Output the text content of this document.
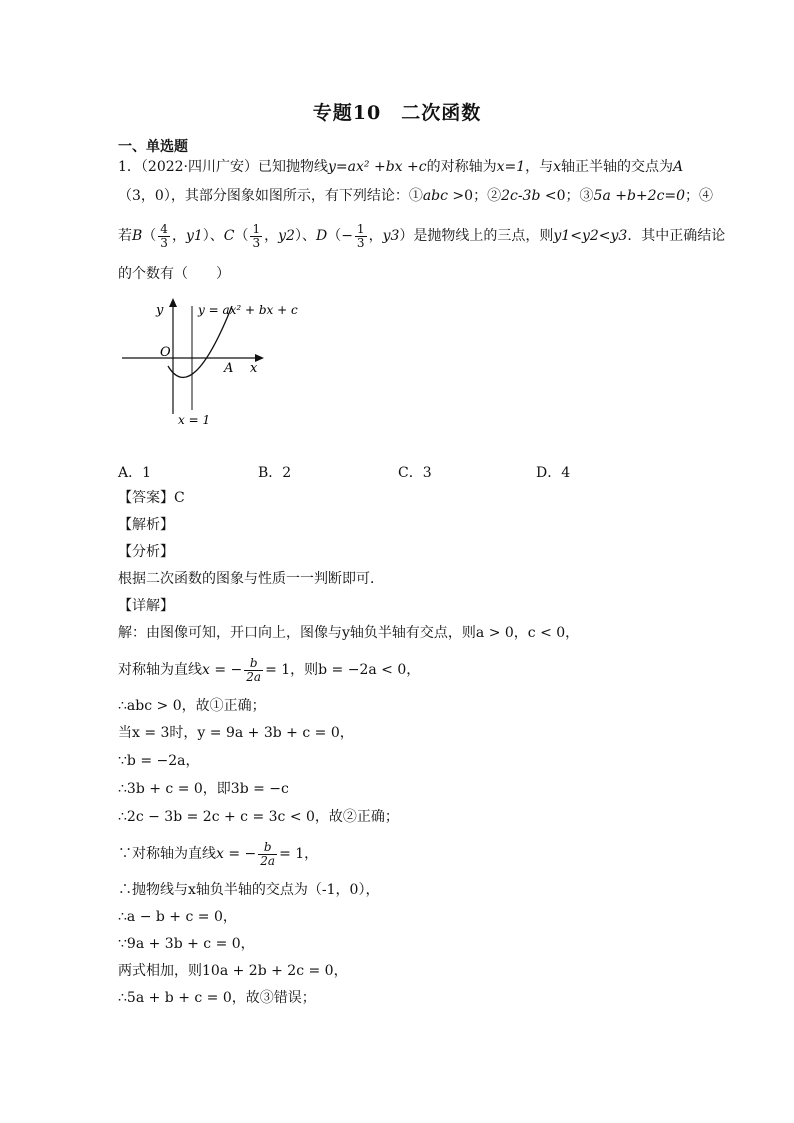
专题10　二次函数
一、单选题
1．（2022·四川广安）已知抛物线y=ax² +bx +c的对称轴为x=1，与x轴正半轴的交点为A
（3，0），其部分图象如图所示，有下列结论：①abc >0；②2c-3b <0；③5a +b+2c=0；④
若$B( \frac{4}{3}$ ，y1）、$C( \frac{1}{3}$ ，y2）、$D(- \frac{1}{3}$ ，y3）是抛物线上的三点，则y1<y2<y3．其中正确结论
的个数有（　　）
y
O
A x
y = ax² + bx + c
x = 1
A．1	B．2	C．3	D．4
【答案】C
【解析】
【分析】
根据二次函数的图象与性质一一判断即可．
【详解】
解：由图像可知，开口向上，图像与y轴负半轴有交点，则a > 0，c < 0，
对称轴为直线x = − $\frac{b}{2a} = 1$，则b = −2a < 0，
∴abc > 0，故①正确；
当x = 3时，y = 9a + 3b + c = 0，
∵b = −2a，
∴3b + c = 0，即3b = −c
∴2c − 3b = 2c + c = 3c < 0，故②正确；
∵对称轴为直线x = − $\frac{b}{2a} = 1$，
∴抛物线与x轴负半轴的交点为（-1，0），
∴a − b + c = 0，
∵9a + 3b + c = 0，
两式相加，则10a + 2b + 2c = 0，
∴5a + b + c = 0，故③错误；
